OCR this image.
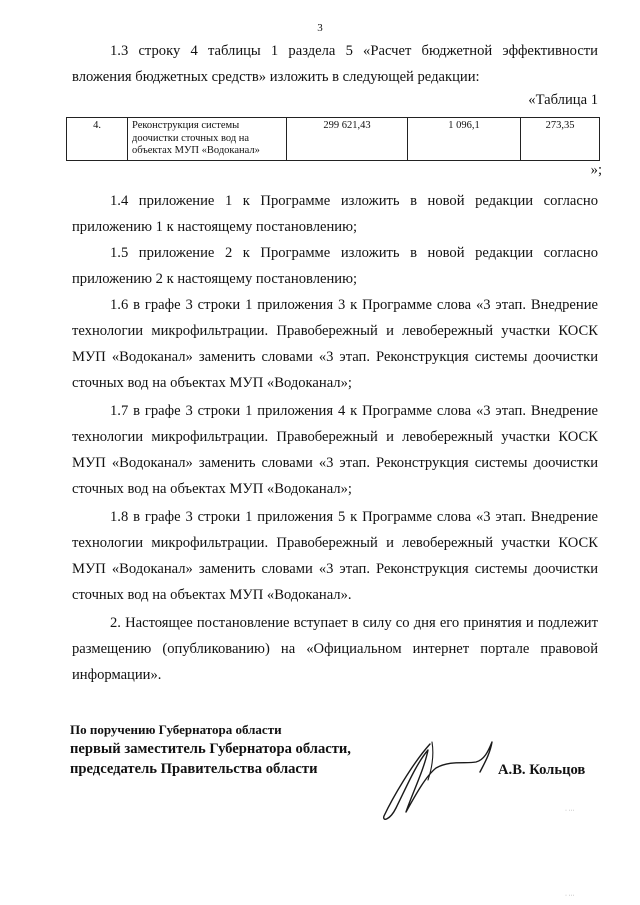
3

1.3 строку 4 таблицы 1 раздела 5 «Расчет бюджетной эффективности вложения бюджетных средств» изложить в следующей редакции:

«Таблица 1
4.	Реконструкция системы доочистки сточных вод на объектах МУП «Водоканал»	299 621,43	1 096,1	273,35
»;

1.4 приложение 1 к Программе изложить в новой редакции согласно приложению 1 к настоящему постановлению;

1.5 приложение 2 к Программе изложить в новой редакции согласно приложению 2 к настоящему постановлению;

1.6 в графе 3 строки 1 приложения 3 к Программе слова «3 этап. Внедрение технологии микрофильтрации. Правобережный и левобережный участки КОСК МУП «Водоканал» заменить словами «3 этап. Реконструкция системы доочистки сточных вод на объектах МУП «Водоканал»;

1.7 в графе 3 строки 1 приложения 4 к Программе слова «3 этап. Внедрение технологии микрофильтрации. Правобережный и левобережный участки КОСК МУП «Водоканал» заменить словами «3 этап. Реконструкция системы доочистки сточных вод на объектах МУП «Водоканал»;

1.8 в графе 3 строки 1 приложения 5 к Программе слова «3 этап. Внедрение технологии микрофильтрации. Правобережный и левобережный участки КОСК МУП «Водоканал» заменить словами «3 этап. Реконструкция системы доочистки сточных вод на объектах МУП «Водоканал».

2. Настоящее постановление вступает в силу со дня его принятия и подлежит размещению (опубликованию) на «Официальном интернет портале правовой информации».

По поручению Губернатора области
первый заместитель Губернатора области,
председатель Правительства области	А.В. Кольцов
· ···
· ···
